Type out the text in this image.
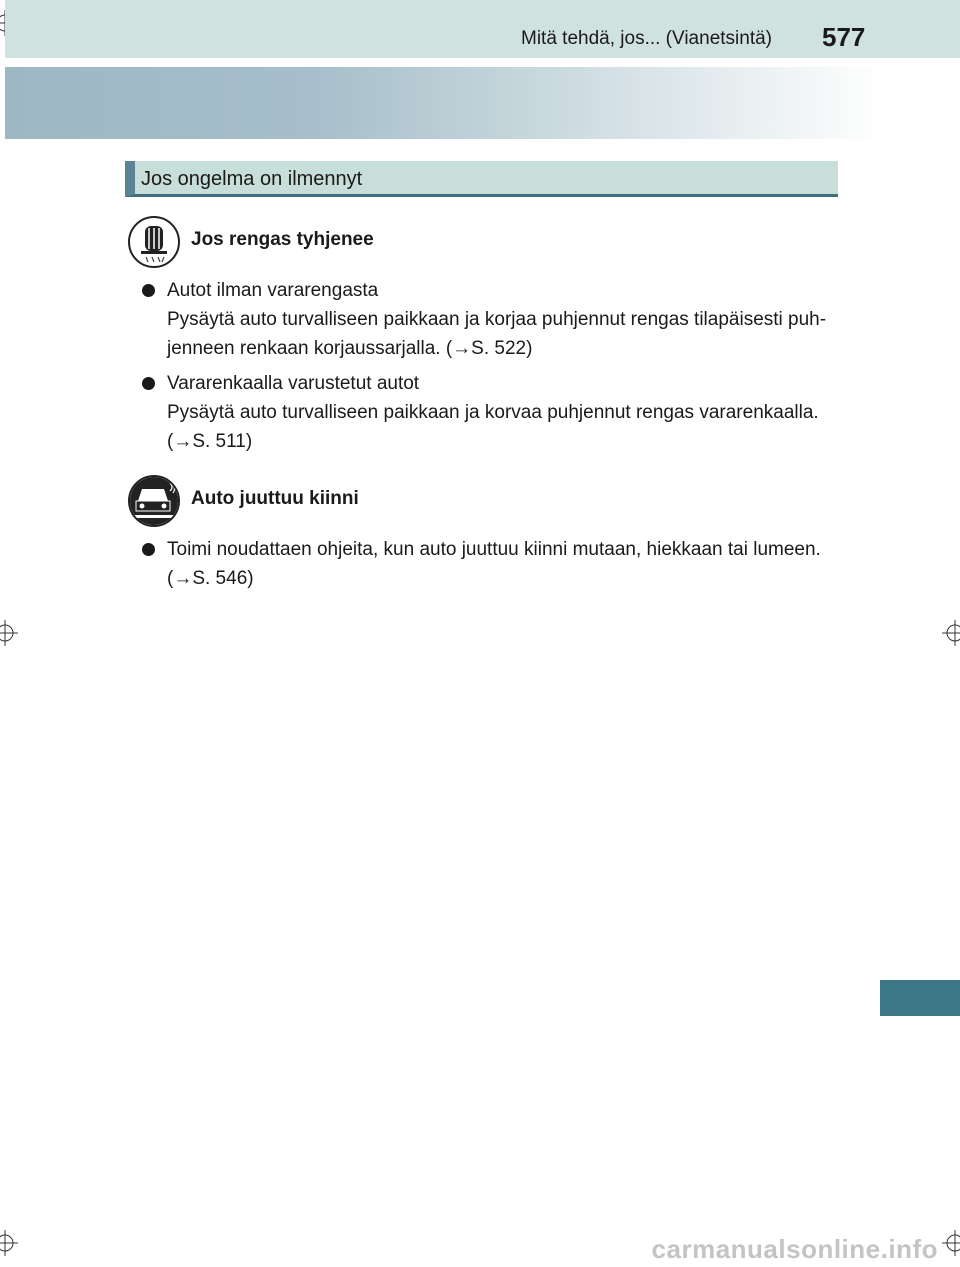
Mitä tehdä, jos... (Vianetsintä) 577
Jos ongelma on ilmennyt
Jos rengas tyhjenee
Autot ilman vararengasta
Pysäytä auto turvalliseen paikkaan ja korjaa puhjennut rengas tilapäisesti puh-
jenneen renkaan korjaussarjalla. (→S. 522)
Vararenkaalla varustetut autot
Pysäytä auto turvalliseen paikkaan ja korvaa puhjennut rengas vararenkaalla.
(→S. 511)
Auto juuttuu kiinni
Toimi noudattaen ohjeita, kun auto juuttuu kiinni mutaan, hiekkaan tai lumeen.
(→S. 546)
carmanualsonline.info
